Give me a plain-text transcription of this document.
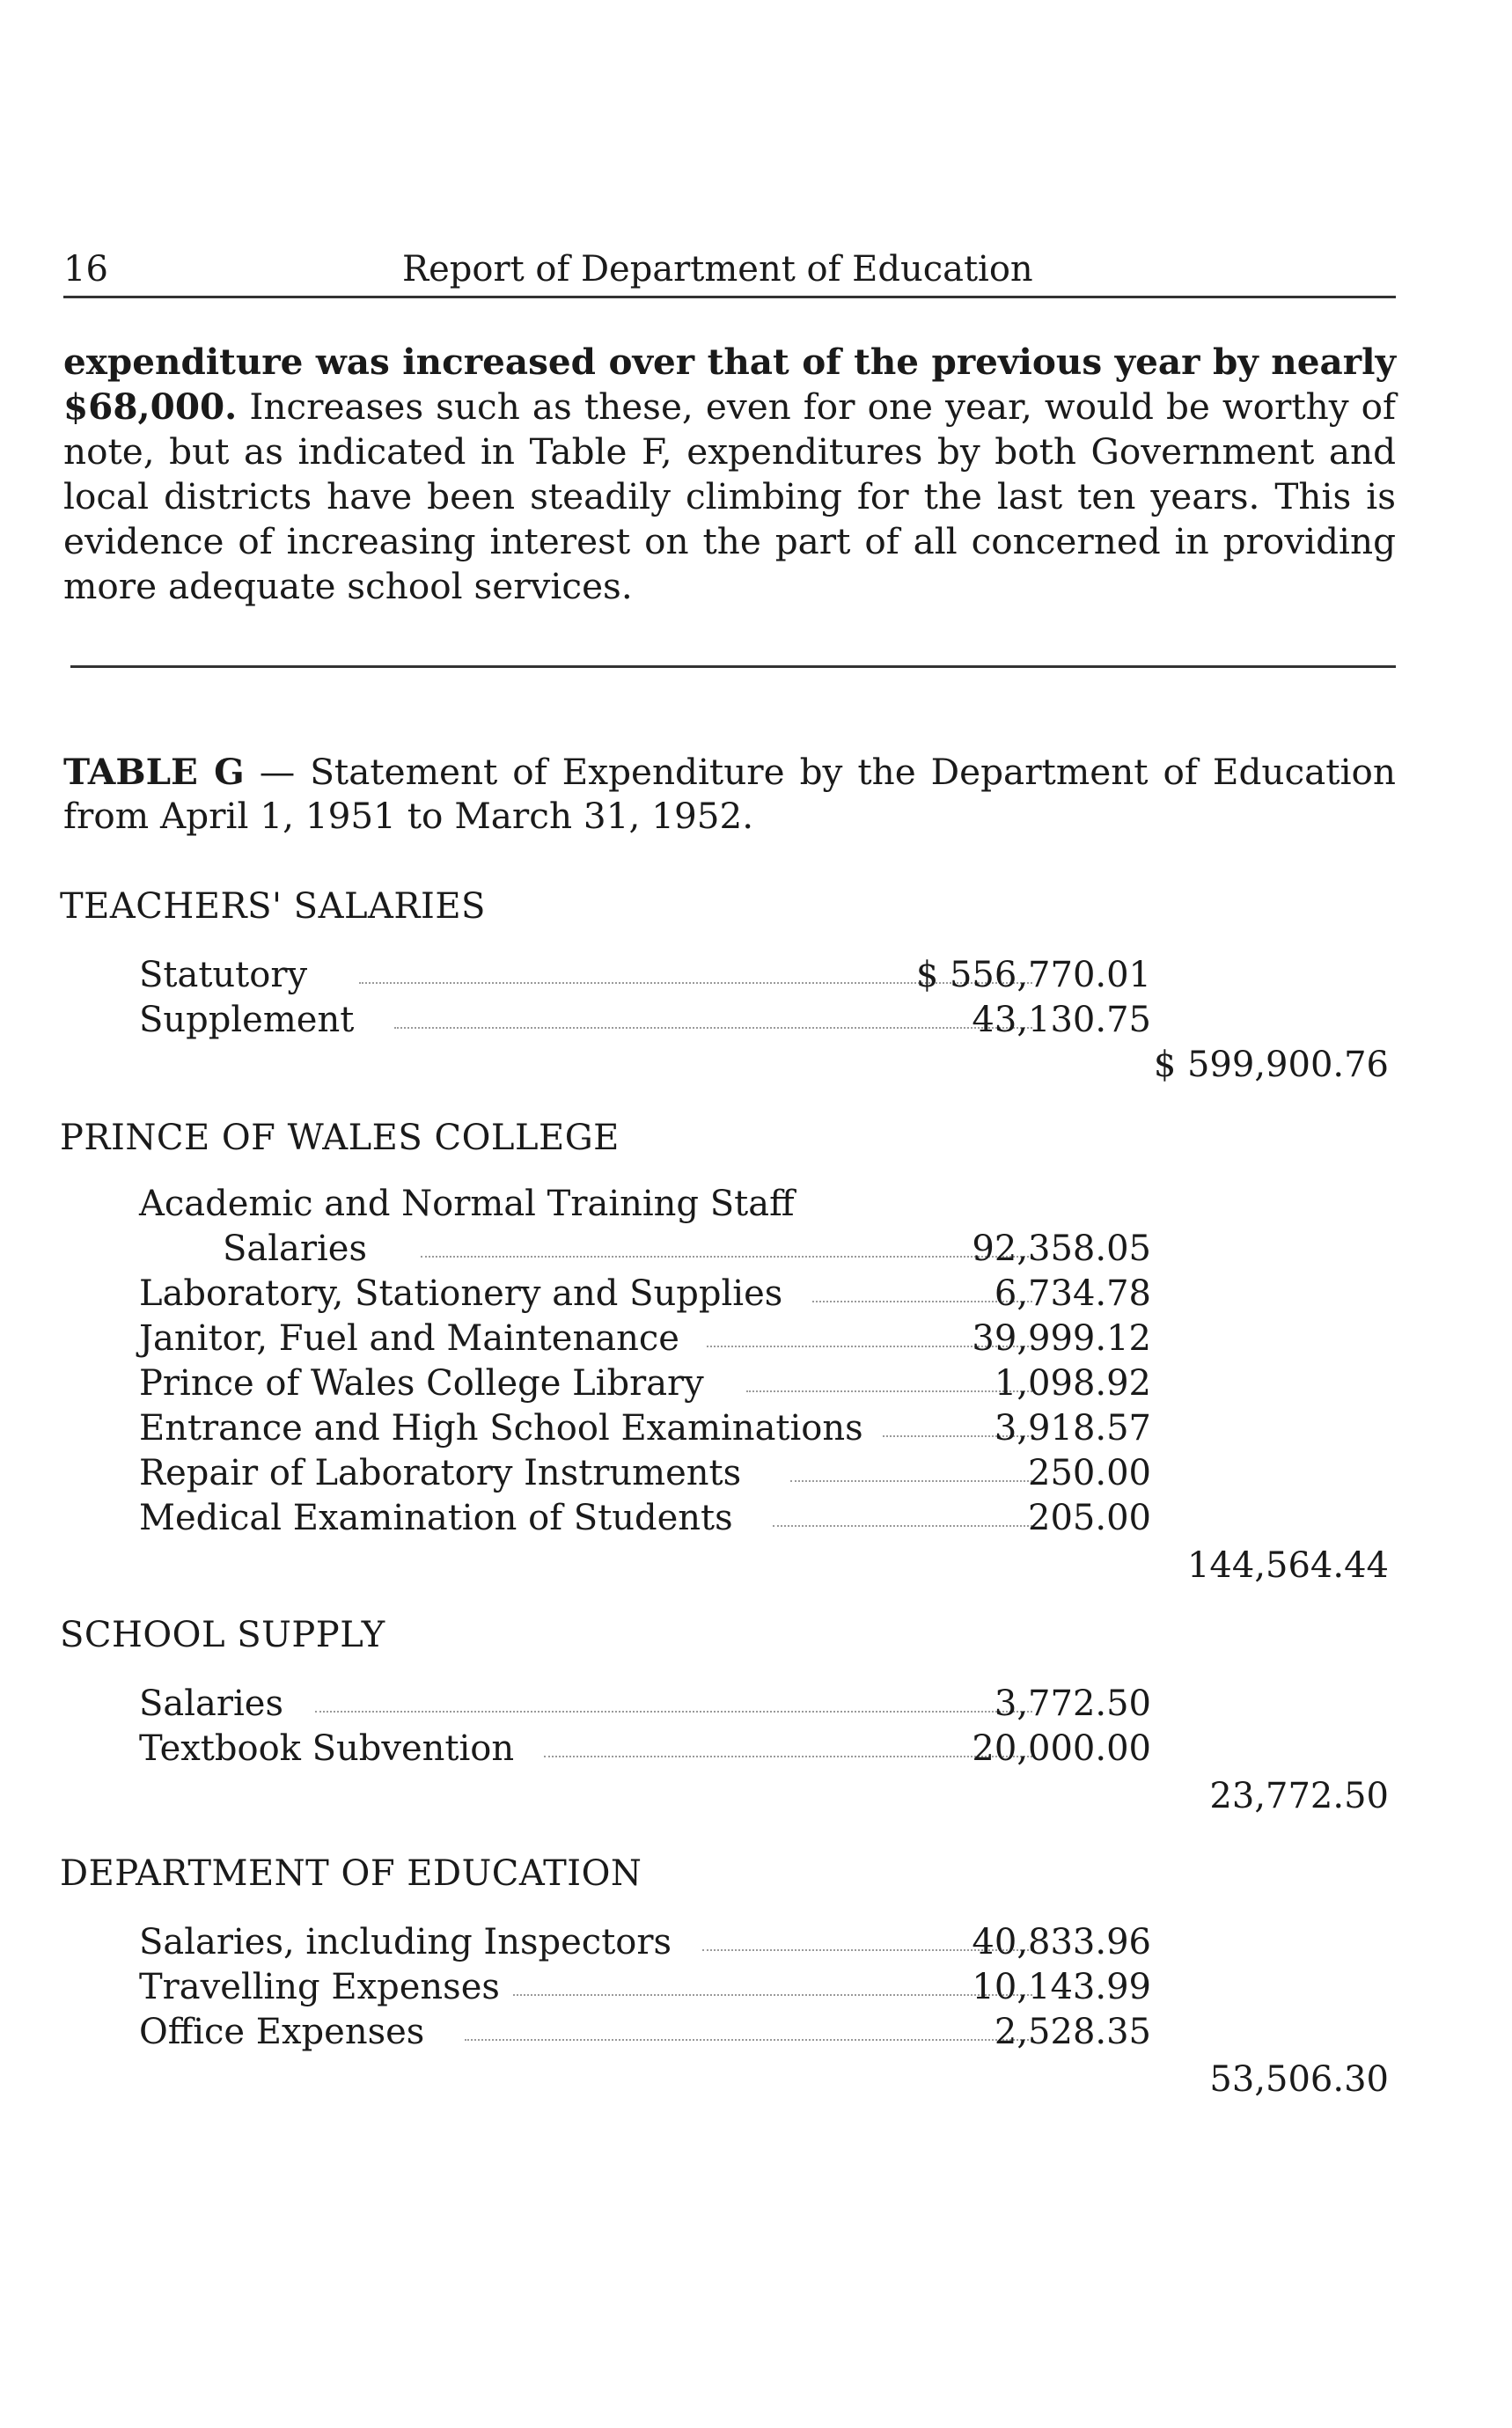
16	Report of Department of Education
expenditure was increased over that of the previous year by nearly $68,000. Increases such as these, even for one year, would be worthy of note, but as indicated in Table F, expenditures by both Government and local districts have been steadily climbing for the last ten years. This is evidence of increasing interest on the part of all concerned in providing more adequate school services.
TABLE G — Statement of Expenditure by the Department of Education from April 1, 1951 to March 31, 1952.
TEACHERS' SALARIES
Statutory	$ 556,770.01
Supplement	43,130.75
$ 599,900.76
PRINCE OF WALES COLLEGE
Academic and Normal Training Staff
Salaries	92,358.05
Laboratory, Stationery and Supplies	6,734.78
Janitor, Fuel and Maintenance	39,999.12
Prince of Wales College Library	1,098.92
Entrance and High School Examinations	3,918.57
Repair of Laboratory Instruments	250.00
Medical Examination of Students	205.00
144,564.44
SCHOOL SUPPLY
Salaries	3,772.50
Textbook Subvention	20,000.00
23,772.50
DEPARTMENT OF EDUCATION
Salaries, including Inspectors	40,833.96
Travelling Expenses	10,143.99
Office Expenses	2,528.35
53,506.30
